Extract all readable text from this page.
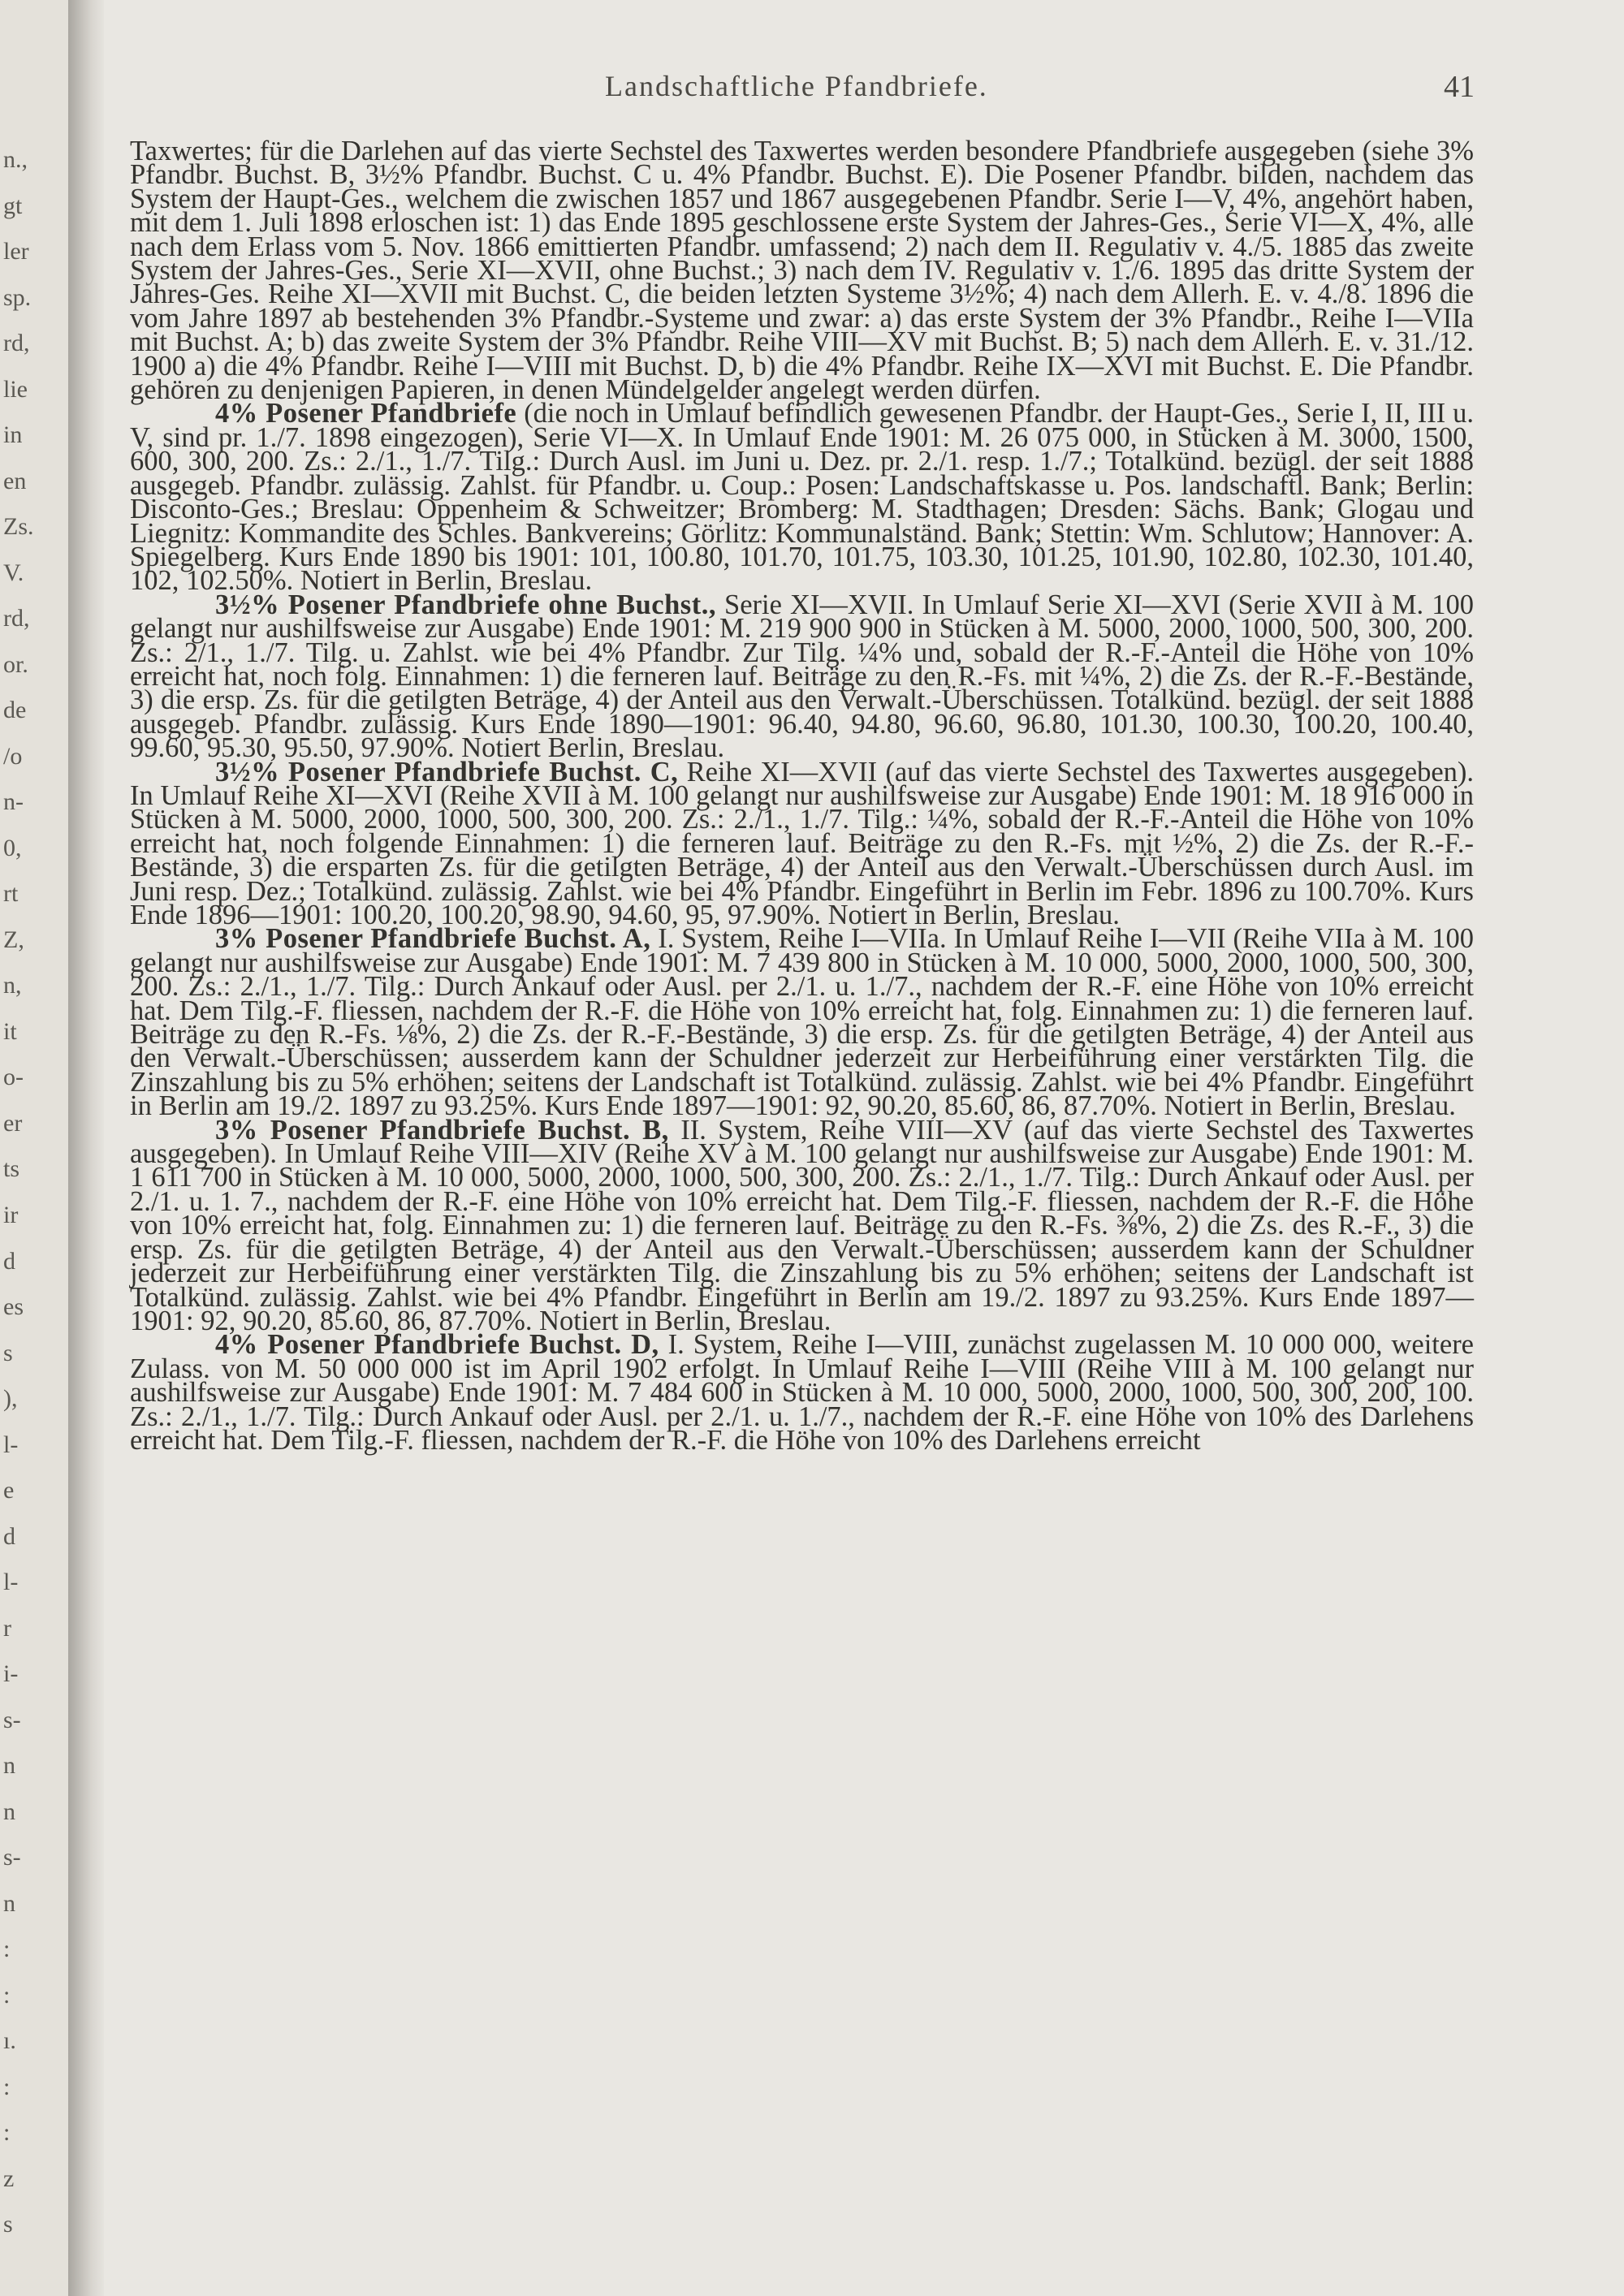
n.,
gt
ler
sp.
rd,
lie
in
en
Zs.
V.
rd,
or.
de
/o
n-
0,
rt
Z,
n,
it
o-
er
ts
ir
d
es
s
),
l-
e
d
l-
r
i-
s-
n
n
s-
n
:
:
ı.
:
:
z
s
Landschaftliche Pfandbriefe.	41

Taxwertes; für die Darlehen auf das vierte Sechstel des Taxwertes werden besondere Pfandbriefe ausgegeben (siehe 3% Pfandbr. Buchst. B, 3½% Pfandbr. Buchst. C u. 4% Pfandbr. Buchst. E). Die Posener Pfandbr. bilden, nachdem das System der Haupt-Ges., welchem die zwischen 1857 und 1867 ausgegebenen Pfandbr. Serie I—V, 4%, angehört haben, mit dem 1. Juli 1898 erloschen ist: 1) das Ende 1895 geschlossene erste System der Jahres-Ges., Serie VI—X, 4%, alle nach dem Erlass vom 5. Nov. 1866 emittierten Pfandbr. umfassend; 2) nach dem II. Regulativ v. 4./5. 1885 das zweite System der Jahres-Ges., Serie XI—XVII, ohne Buchst.; 3) nach dem IV. Regulativ v. 1./6. 1895 das dritte System der Jahres-Ges. Reihe XI—XVII mit Buchst. C, die beiden letzten Systeme 3½%; 4) nach dem Allerh. E. v. 4./8. 1896 die vom Jahre 1897 ab bestehenden 3% Pfandbr.-Systeme und zwar: a) das erste System der 3% Pfandbr., Reihe I—VIIa mit Buchst. A; b) das zweite System der 3% Pfandbr. Reihe VIII—XV mit Buchst. B; 5) nach dem Allerh. E. v. 31./12. 1900 a) die 4% Pfandbr. Reihe I—VIII mit Buchst. D, b) die 4% Pfandbr. Reihe IX—XVI mit Buchst. E. Die Pfandbr. gehören zu denjenigen Papieren, in denen Mündelgelder angelegt werden dürfen.

4% Posener Pfandbriefe (die noch in Umlauf befindlich gewesenen Pfandbr. der Haupt-Ges., Serie I, II, III u. V, sind pr. 1./7. 1898 eingezogen), Serie VI—X. In Umlauf Ende 1901: M. 26 075 000, in Stücken à M. 3000, 1500, 600, 300, 200. Zs.: 2./1., 1./7. Tilg.: Durch Ausl. im Juni u. Dez. pr. 2./1. resp. 1./7.; Totalkünd. bezügl. der seit 1888 ausgegeb. Pfandbr. zulässig. Zahlst. für Pfandbr. u. Coup.: Posen: Landschaftskasse u. Pos. landschaftl. Bank; Berlin: Disconto-Ges.; Breslau: Oppenheim & Schweitzer; Bromberg: M. Stadthagen; Dresden: Sächs. Bank; Glogau und Liegnitz: Kommandite des Schles. Bankvereins; Görlitz: Kommunalständ. Bank; Stettin: Wm. Schlutow; Hannover: A. Spiegelberg. Kurs Ende 1890 bis 1901: 101, 100.80, 101.70, 101.75, 103.30, 101.25, 101.90, 102.80, 102.30, 101.40, 102, 102.50%. Notiert in Berlin, Breslau.

3½% Posener Pfandbriefe ohne Buchst., Serie XI—XVII. In Umlauf Serie XI—XVI (Serie XVII à M. 100 gelangt nur aushilfsweise zur Ausgabe) Ende 1901: M. 219 900 900 in Stücken à M. 5000, 2000, 1000, 500, 300, 200. Zs.: 2/1., 1./7. Tilg. u. Zahlst. wie bei 4% Pfandbr. Zur Tilg. ¼% und, sobald der R.-F.-Anteil die Höhe von 10% erreicht hat, noch folg. Einnahmen: 1) die ferneren lauf. Beiträge zu den R.-Fs. mit ¼%, 2) die Zs. der R.-F.-Bestände, 3) die ersp. Zs. für die getilgten Beträge, 4) der Anteil aus den Verwalt.-Überschüssen. Totalkünd. bezügl. der seit 1888 ausgegeb. Pfandbr. zulässig. Kurs Ende 1890—1901: 96.40, 94.80, 96.60, 96.80, 101.30, 100.30, 100.20, 100.40, 99.60, 95.30, 95.50, 97.90%. Notiert Berlin, Breslau.

3½% Posener Pfandbriefe Buchst. C, Reihe XI—XVII (auf das vierte Sechstel des Taxwertes ausgegeben). In Umlauf Reihe XI—XVI (Reihe XVII à M. 100 gelangt nur aushilfsweise zur Ausgabe) Ende 1901: M. 18 916 000 in Stücken à M. 5000, 2000, 1000, 500, 300, 200. Zs.: 2./1., 1./7. Tilg.: ¼%, sobald der R.-F.-Anteil die Höhe von 10% erreicht hat, noch folgende Einnahmen: 1) die ferneren lauf. Beiträge zu den R.-Fs. mit ½%, 2) die Zs. der R.-F.-Bestände, 3) die ersparten Zs. für die getilgten Beträge, 4) der Anteil aus den Verwalt.-Überschüssen durch Ausl. im Juni resp. Dez.; Totalkünd. zulässig. Zahlst. wie bei 4% Pfandbr. Eingeführt in Berlin im Febr. 1896 zu 100.70%. Kurs Ende 1896—1901: 100.20, 100.20, 98.90, 94.60, 95, 97.90%. Notiert in Berlin, Breslau.

3% Posener Pfandbriefe Buchst. A, I. System, Reihe I—VIIa. In Umlauf Reihe I—VII (Reihe VIIa à M. 100 gelangt nur aushilfsweise zur Ausgabe) Ende 1901: M. 7 439 800 in Stücken à M. 10 000, 5000, 2000, 1000, 500, 300, 200. Zs.: 2./1., 1./7. Tilg.: Durch Ankauf oder Ausl. per 2./1. u. 1./7., nachdem der R.-F. eine Höhe von 10% erreicht hat. Dem Tilg.-F. fliessen, nachdem der R.-F. die Höhe von 10% erreicht hat, folg. Einnahmen zu: 1) die ferneren lauf. Beiträge zu den R.-Fs. ⅛%, 2) die Zs. der R.-F.-Bestände, 3) die ersp. Zs. für die getilgten Beträge, 4) der Anteil aus den Verwalt.-Überschüssen; ausserdem kann der Schuldner jederzeit zur Herbeiführung einer verstärkten Tilg. die Zinszahlung bis zu 5% erhöhen; seitens der Landschaft ist Totalkünd. zulässig. Zahlst. wie bei 4% Pfandbr. Eingeführt in Berlin am 19./2. 1897 zu 93.25%. Kurs Ende 1897—1901: 92, 90.20, 85.60, 86, 87.70%. Notiert in Berlin, Breslau.

3% Posener Pfandbriefe Buchst. B, II. System, Reihe VIII—XV (auf das vierte Sechstel des Taxwertes ausgegeben). In Umlauf Reihe VIII—XIV (Reihe XV à M. 100 gelangt nur aushilfsweise zur Ausgabe) Ende 1901: M. 1 611 700 in Stücken à M. 10 000, 5000, 2000, 1000, 500, 300, 200. Zs.: 2./1., 1./7. Tilg.: Durch Ankauf oder Ausl. per 2./1. u. 1. 7., nachdem der R.-F. eine Höhe von 10% erreicht hat. Dem Tilg.-F. fliessen, nachdem der R.-F. die Höhe von 10% erreicht hat, folg. Einnahmen zu: 1) die ferneren lauf. Beiträge zu den R.-Fs. ⅜%, 2) die Zs. des R.-F., 3) die ersp. Zs. für die getilgten Beträge, 4) der Anteil aus den Verwalt.-Überschüssen; ausserdem kann der Schuldner jederzeit zur Herbeiführung einer verstärkten Tilg. die Zinszahlung bis zu 5% erhöhen; seitens der Landschaft ist Totalkünd. zulässig. Zahlst. wie bei 4% Pfandbr. Eingeführt in Berlin am 19./2. 1897 zu 93.25%. Kurs Ende 1897—1901: 92, 90.20, 85.60, 86, 87.70%. Notiert in Berlin, Breslau.

4% Posener Pfandbriefe Buchst. D, I. System, Reihe I—VIII, zunächst zugelassen M. 10 000 000, weitere Zulass. von M. 50 000 000 ist im April 1902 erfolgt. In Umlauf Reihe I—VIII (Reihe VIII à M. 100 gelangt nur aushilfsweise zur Ausgabe) Ende 1901: M. 7 484 600 in Stücken à M. 10 000, 5000, 2000, 1000, 500, 300, 200, 100. Zs.: 2./1., 1./7. Tilg.: Durch Ankauf oder Ausl. per 2./1. u. 1./7., nachdem der R.-F. eine Höhe von 10% des Darlehens erreicht hat. Dem Tilg.-F. fliessen, nachdem der R.-F. die Höhe von 10% des Darlehens erreicht
